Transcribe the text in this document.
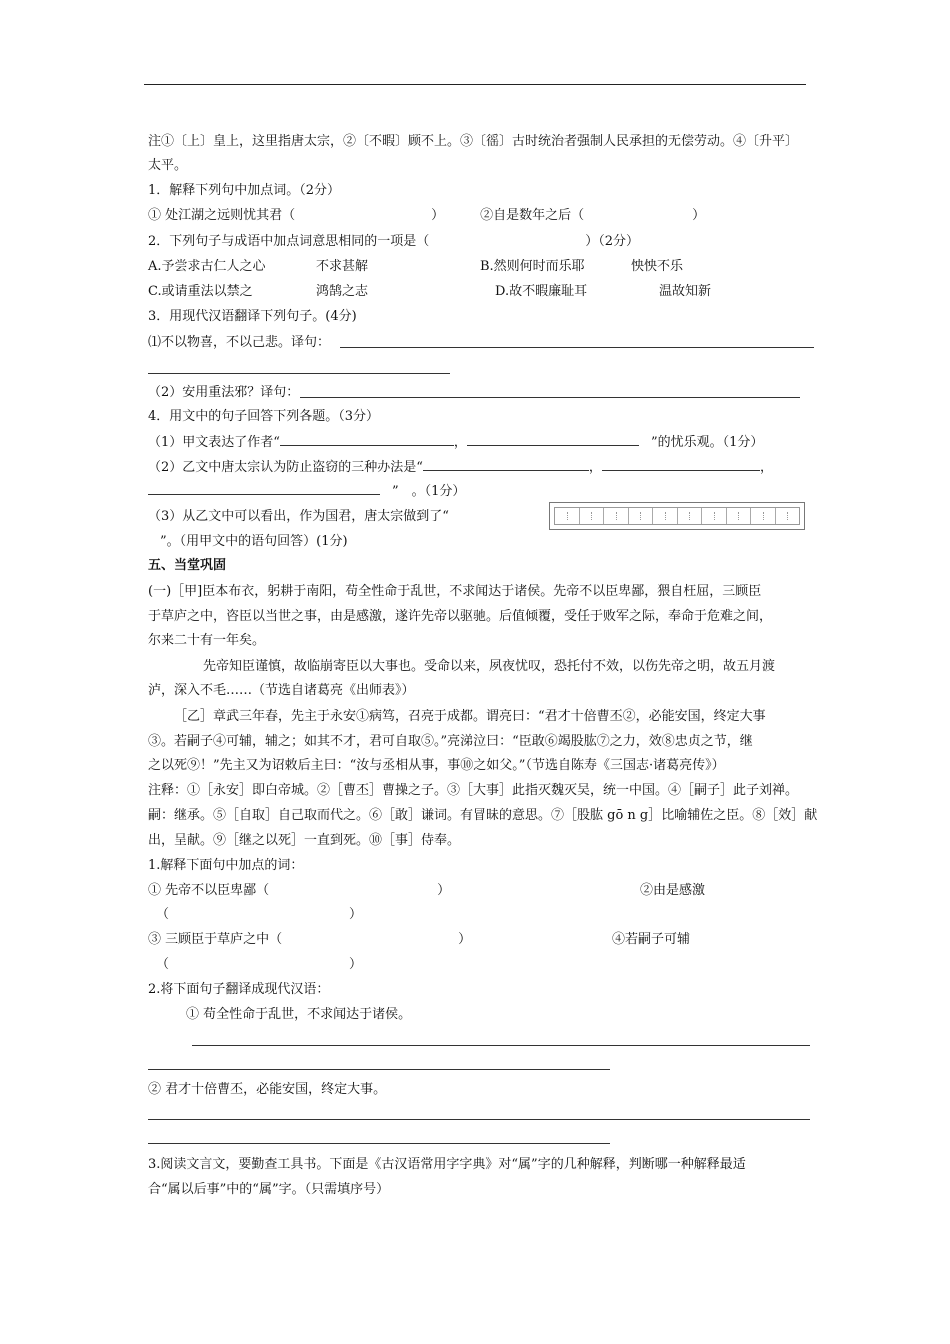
注①〔上〕皇上，这里指唐太宗，②〔不暇〕顾不上。③〔徭〕古时统治者强制人民承担的无偿劳动。④〔升平〕
太平。
1．解释下列句中加点词。（2分）
① 处江湖之远则忧其君（	）	②自是数年之后（	）
2．下列句子与成语中加点词意思相同的一项是（	）（2分）
A.予尝求古仁人之心	不求甚解	B.然则何时而乐耶	怏怏不乐
C.或请重法以禁之	鸿鹄之志	D.故不暇廉耻耳	温故知新
3．用现代汉语翻译下列句子。(4分)
⑴不以物喜，不以己悲。译句：
（2）安用重法邪？译句：
4．用文中的句子回答下列各题。（3分）
（1）甲文表达了作者“	，	”的忧乐观。（1分）
（2）乙文中唐太宗认为防止盗窃的三种办法是“	，	，
”　。（1分）
（3）从乙文中可以看出，作为国君，唐太宗做到了“
”。（用甲文中的语句回答）(1分)
五、当堂巩固
(一)［甲]臣本布衣，躬耕于南阳，苟全性命于乱世，不求闻达于诸侯。先帝不以臣卑鄙，猥自枉屈，三顾臣
于草庐之中，咨臣以当世之事，由是感激，遂许先帝以驱驰。后值倾覆，受任于败军之际，奉命于危难之间，
尔来二十有一年矣。
先帝知臣谨慎，故临崩寄臣以大事也。受命以来，夙夜忧叹，恐托付不效，以伤先帝之明，故五月渡
泸，深入不毛……（节选自诸葛亮《出师表》）
［乙］章武三年春，先主于永安①病笃，召亮于成都。谓亮曰：“君才十倍曹丕②，必能安国，终定大事
③。若嗣子④可辅，辅之；如其不才，君可自取⑤。”亮涕泣曰：“臣敢⑥竭股肱⑦之力，效⑧忠贞之节，继
之以死⑨！”先主又为诏敕后主曰：“汝与丞相从事，事⑩之如父。”（节选自陈寿《三国志·诸葛亮传》）
注释：①［永安］即白帝城。②［曹丕］曹操之子。③［大事］此指灭魏灭吴，统一中国。④［嗣子］此子刘禅。
嗣：继承。⑤［自取］自己取而代之。⑥［敢］谦词。有冒昧的意思。⑦［股肱 gō n g］比喻辅佐之臣。⑧［效］献
出，呈献。⑨［继之以死］一直到死。⑩［事］侍奉。
1.解释下面句中加点的词：
① 先帝不以臣卑鄙（	）	②由是感激
（	）
③ 三顾臣于草庐之中（	）	④若嗣子可辅
（	）
2.将下面句子翻译成现代汉语：
① 苟全性命于乱世，不求闻达于诸侯。
② 君才十倍曹丕，必能安国，终定大事。
3.阅读文言文，要勤查工具书。下面是《古汉语常用字字典》对“属”字的几种解释，判断哪一种解释最适
合“属以后事”中的“属”字。（只需填序号）
